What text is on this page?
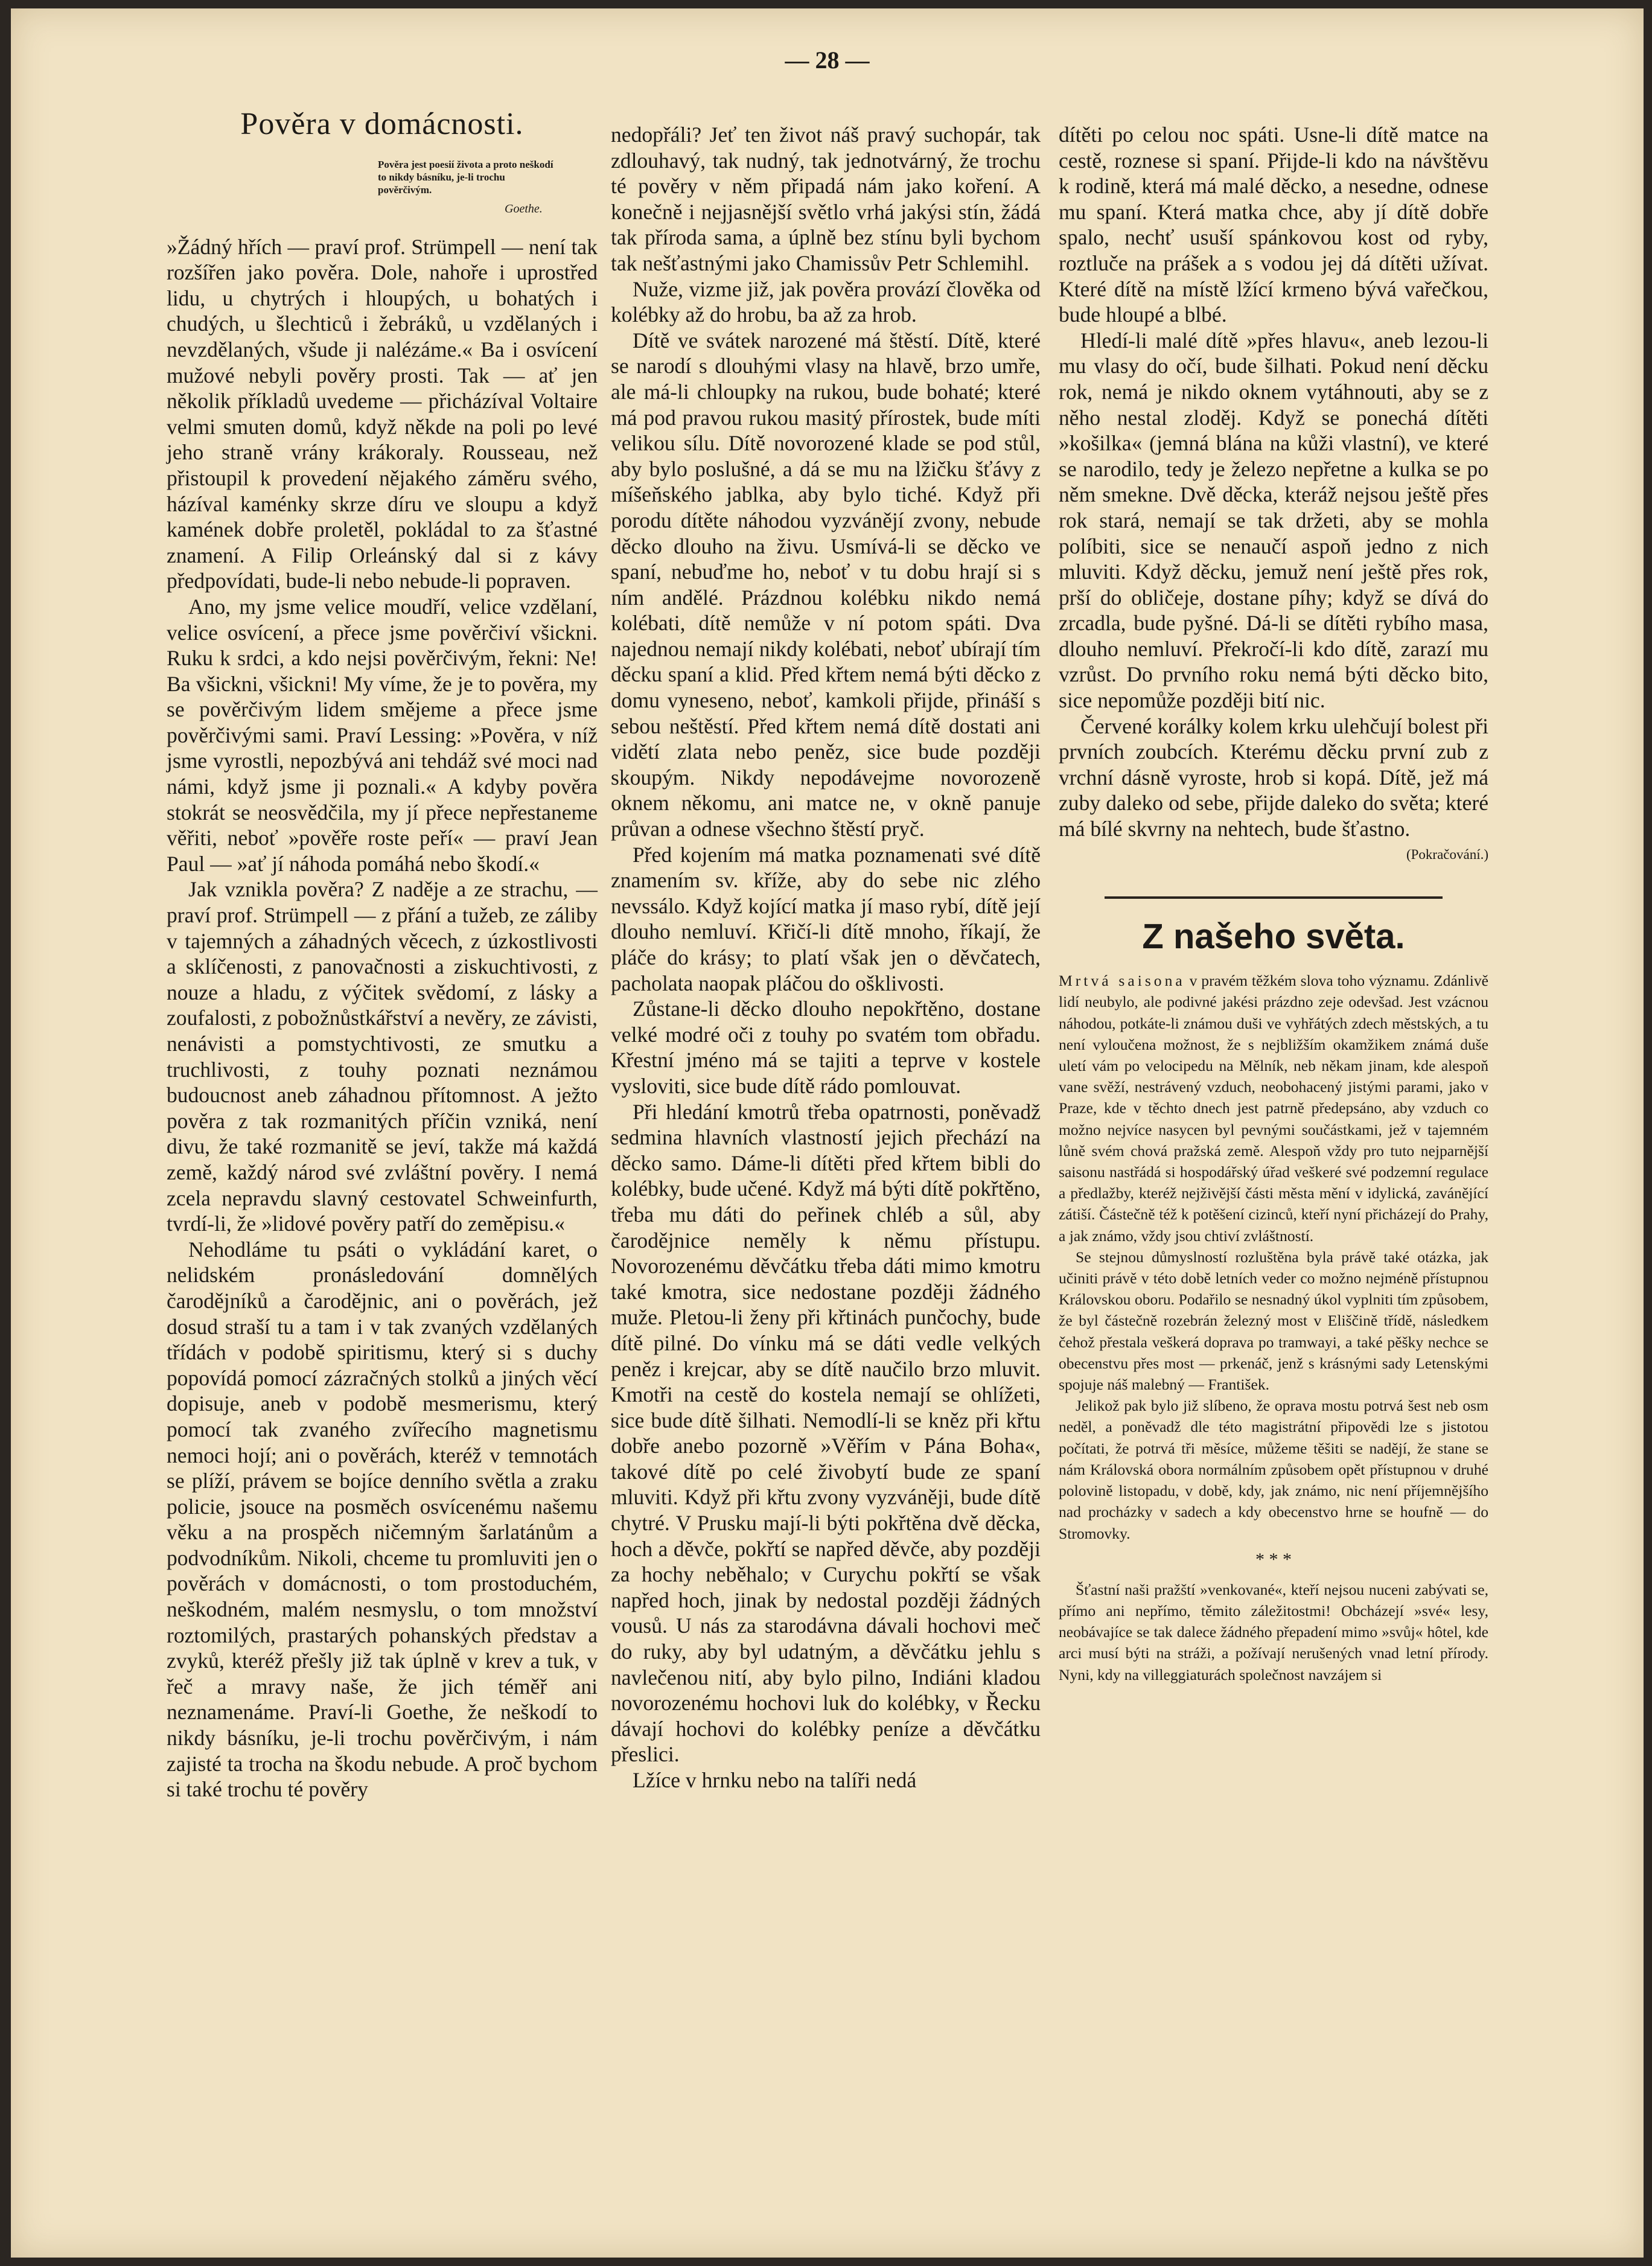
— 28 —
Pověra v domácnosti.
Pověra jest poesií života a proto neškodí to nikdy básníku, je-li trochu pověrčivým.
Goethe.

»Žádný hřích — praví prof. Strümpell — není tak rozšířen jako pověra. Dole, nahoře i uprostřed lidu, u chytrých i hloupých, u bohatých i chudých, u šlechticů i žebráků, u vzdělaných i nevzdělaných, všude ji nalézáme.« Ba i osvícení mužové nebyli pověry prosti. Tak — ať jen několik příkladů uvedeme — přicházíval Voltaire velmi smuten domů, když někde na poli po levé jeho straně vrány krákoraly. Rousseau, než přistoupil k provedení nějakého záměru svého, házíval kaménky skrze díru ve sloupu a když kamének dobře proletěl, pokládal to za šťastné znamení. A Filip Orleánský dal si z kávy předpovídati, bude-li nebo nebude-li popraven.

Ano, my jsme velice moudří, velice vzdělaní, velice osvícení, a přece jsme pověrčiví všickni. Ruku k srdci, a kdo nejsi pověrčivým, řekni: Ne! Ba všickni, všickni! My víme, že je to pověra, my se pověrčivým lidem smějeme a přece jsme pověrčivými sami. Praví Lessing: »Pověra, v níž jsme vyrostli, nepozbývá ani tehdáž své moci nad námi, když jsme ji poznali.« A kdyby pověra stokrát se neosvědčila, my jí přece nepřestaneme věřiti, neboť »pověře roste peří« — praví Jean Paul — »ať jí náhoda pomáhá nebo škodí.«

Jak vznikla pověra? Z naděje a ze strachu, — praví prof. Strümpell — z přání a tužeb, ze záliby v tajemných a záhadných věcech, z úzkostlivosti a sklíčenosti, z panovačnosti a ziskuchtivosti, z nouze a hladu, z výčitek svědomí, z lásky a zoufalosti, z pobožnůstkářství a nevěry, ze závisti, nenávisti a pomstychtivosti, ze smutku a truchlivosti, z touhy poznati neznámou budoucnost aneb záhadnou přítomnost. A ježto pověra z tak rozmanitých příčin vzniká, není divu, že také rozmanitě se jeví, takže má každá země, každý národ své zvláštní pověry. I nemá zcela nepravdu slavný cestovatel Schweinfurth, tvrdí-li, že »lidové pověry patří do zeměpisu.«

Nehodláme tu psáti o vykládání karet, o nelidském pronásledování domnělých čarodějníků a čarodějnic, ani o pověrách, jež dosud straší tu a tam i v tak zvaných vzdělaných třídách v podobě spiritismu, který si s duchy popovídá pomocí zázračných stolků a jiných věcí dopisuje, aneb v podobě mesmerismu, který pomocí tak zvaného zvířecího magnetismu nemoci hojí; ani o pověrách, kteréž v temnotách se plíží, právem se bojíce denního světla a zraku policie, jsouce na posměch osvícenému našemu věku a na prospěch ničemným šarlatánům a podvodníkům. Nikoli, chceme tu promluviti jen o pověrách v domácnosti, o tom prostoduchém, neškodném, malém nesmyslu, o tom množství roztomilých, prastarých pohanských představ a zvyků, kteréž přešly již tak úplně v krev a tuk, v řeč a mravy naše, že jich téměř ani neznamenáme. Praví-li Goethe, že neškodí to nikdy básníku, je-li trochu pověrčivým, i nám zajisté ta trocha na škodu nebude. A proč bychom si také trochu té pověry

nedopřáli? Jeť ten život náš pravý suchopár, tak zdlouhavý, tak nudný, tak jednotvárný, že trochu té pověry v něm připadá nám jako koření. A konečně i nejjasnější světlo vrhá jakýsi stín, žádá tak příroda sama, a úplně bez stínu byli bychom tak nešťastnými jako Chamissův Petr Schlemihl.

Nuže, vizme již, jak pověra provází člověka od kolébky až do hrobu, ba až za hrob.

Dítě ve svátek narozené má štěstí. Dítě, které se narodí s dlouhými vlasy na hlavě, brzo umře, ale má-li chloupky na rukou, bude bohaté; které má pod pravou rukou masitý přírostek, bude míti velikou sílu. Dítě novorozené klade se pod stůl, aby bylo poslušné, a dá se mu na lžičku šťávy z míšeňského jablka, aby bylo tiché. Když při porodu dítěte náhodou vyzvánějí zvony, nebude děcko dlouho na živu. Usmívá-li se děcko ve spaní, nebuďme ho, neboť v tu dobu hrají si s ním andělé. Prázdnou kolébku nikdo nemá kolébati, dítě nemůže v ní potom spáti. Dva najednou nemají nikdy kolébati, neboť ubírají tím děcku spaní a klid. Před křtem nemá býti děcko z domu vyneseno, neboť, kamkoli přijde, přináší s sebou neštěstí. Před křtem nemá dítě dostati ani vidětí zlata nebo peněz, sice bude později skoupým. Nikdy nepodávejme novorozeně oknem někomu, ani matce ne, v okně panuje průvan a odnese všechno štěstí pryč.

Před kojením má matka poznamenati své dítě znamením sv. kříže, aby do sebe nic zlého nevssálo. Když kojící matka jí maso rybí, dítě její dlouho nemluví. Křičí-li dítě mnoho, říkají, že pláče do krásy; to platí však jen o děvčatech, pacholata naopak pláčou do ošklivosti.

Zůstane-li děcko dlouho nepokřtěno, dostane velké modré oči z touhy po svatém tom obřadu. Křestní jméno má se tajiti a teprve v kostele vysloviti, sice bude dítě rádo pomlouvat.

Při hledání kmotrů třeba opatrnosti, poněvadž sedmina hlavních vlastností jejich přechází na děcko samo. Dáme-li dítěti před křtem bibli do kolébky, bude učené. Když má býti dítě pokřtěno, třeba mu dáti do peřinek chléb a sůl, aby čarodějnice neměly k němu přístupu. Novorozenému děvčátku třeba dáti mimo kmotru také kmotra, sice nedostane později žádného muže. Pletou-li ženy při křtinách punčochy, bude dítě pilné. Do vínku má se dáti vedle velkých peněz i krejcar, aby se dítě naučilo brzo mluvit. Kmotři na cestě do kostela nemají se ohlížeti, sice bude dítě šilhati. Nemodlí-li se kněz při křtu dobře anebo pozorně »Věřím v Pána Boha«, takové dítě po celé živobytí bude ze spaní mluviti. Když při křtu zvony vyzváněji, bude dítě chytré. V Prusku mají-li býti pokřtěna dvě děcka, hoch a děvče, pokřtí se napřed děvče, aby později za hochy neběhalo; v Curychu pokřtí se však napřed hoch, jinak by nedostal později žádných vousů. U nás za starodávna dávali hochovi meč do ruky, aby byl udatným, a děvčátku jehlu s navlečenou nití, aby bylo pilno, Indiáni kladou novorozenému hochovi luk do kolébky, v Řecku dávají hochovi do kolébky peníze a děvčátku přeslici.

Lžíce v hrnku nebo na talíři nedá

dítěti po celou noc spáti. Usne-li dítě matce na cestě, roznese si spaní. Přijde-li kdo na návštěvu k rodině, která má malé děcko, a nesedne, odnese mu spaní. Která matka chce, aby jí dítě dobře spalo, nechť usuší spánkovou kost od ryby, roztluče na prášek a s vodou jej dá dítěti užívat. Které dítě na místě lžící krmeno bývá vařečkou, bude hloupé a blbé.

Hledí-li malé dítě »přes hlavu«, aneb lezou-li mu vlasy do očí, bude šilhati. Pokud není děcku rok, nemá je nikdo oknem vytáhnouti, aby se z něho nestal zloděj. Když se ponechá dítěti »košilka« (jemná blána na kůži vlastní), ve které se narodilo, tedy je železo nepřetne a kulka se po něm smekne. Dvě děcka, kteráž nejsou ještě přes rok stará, nemají se tak držeti, aby se mohla políbiti, sice se nenaučí aspoň jedno z nich mluviti. Když děcku, jemuž není ještě přes rok, prší do obličeje, dostane píhy; když se dívá do zrcadla, bude pyšné. Dá-li se dítěti rybího masa, dlouho nemluví. Překročí-li kdo dítě, zarazí mu vzrůst. Do prvního roku nemá býti děcko bito, sice nepomůže později bití nic.

Červené korálky kolem krku ulehčují bolest při prvních zoubcích. Kterému děcku první zub z vrchní dásně vyroste, hrob si kopá. Dítě, jež má zuby daleko od sebe, přijde daleko do světa; které má bílé skvrny na nehtech, bude šťastno.

(Pokračování.)
Z našeho světa.

Mrtvá saisona v pravém těžkém slova toho významu. Zdánlivě lidí neubylo, ale podivné jakési prázdno zeje odevšad. Jest vzácnou náhodou, potkáte-li známou duši ve vyhřátých zdech městských, a tu není vyloučena možnost, že s nejbližším okamžikem známá duše uletí vám po velocipedu na Mělník, neb někam jinam, kde alespoň vane svěží, nestrávený vzduch, neobohacený jistými parami, jako v Praze, kde v těchto dnech jest patrně předepsáno, aby vzduch co možno nejvíce nasycen byl pevnými součástkami, jež v tajemném lůně svém chová pražská země. Alespoň vždy pro tuto nejparnější saisonu nastřádá si hospodářský úřad veškeré své podzemní regulace a předlažby, kteréž nejživější části města mění v idylická, zavánějící zátiší. Částečně též k potěšení cizinců, kteří nyní přicházejí do Prahy, a jak známo, vždy jsou chtiví zvláštností.

Se stejnou důmyslností rozluštěna byla právě také otázka, jak učiniti právě v této době letních veder co možno nejméně přístupnou Královskou oboru. Podařilo se nesnadný úkol vyplniti tím způsobem, že byl částečně rozebrán železný most v Eliščině třídě, následkem čehož přestala veškerá doprava po tramwayi, a také pěšky nechce se obecenstvu přes most — prkenáč, jenž s krásnými sady Letenskými spojuje náš malebný — František.

Jelikož pak bylo již slíbeno, že oprava mostu potrvá šest neb osm neděl, a poněvadž dle této magistrátní připovědi lze s jistotou počítati, že potrvá tři měsíce, můžeme těšiti se nadějí, že stane se nám Královská obora normálním způsobem opět přístupnou v druhé polovině listopadu, v době, kdy, jak známo, nic není příjemnějšího nad procházky v sadech a kdy obecenstvo hrne se houfně — do Stromovky.

* * *

Šťastní naši pražští »venkované«, kteří nejsou nuceni zabývati se, přímo ani nepřímo, těmito záležitostmi! Obcházejí »své« lesy, neobávajíce se tak dalece žádného přepadení mimo »svůj« hôtel, kde arci musí býti na stráži, a požívají nerušených vnad letní přírody. Nyni, kdy na villeggiaturách společnost navzájem si
